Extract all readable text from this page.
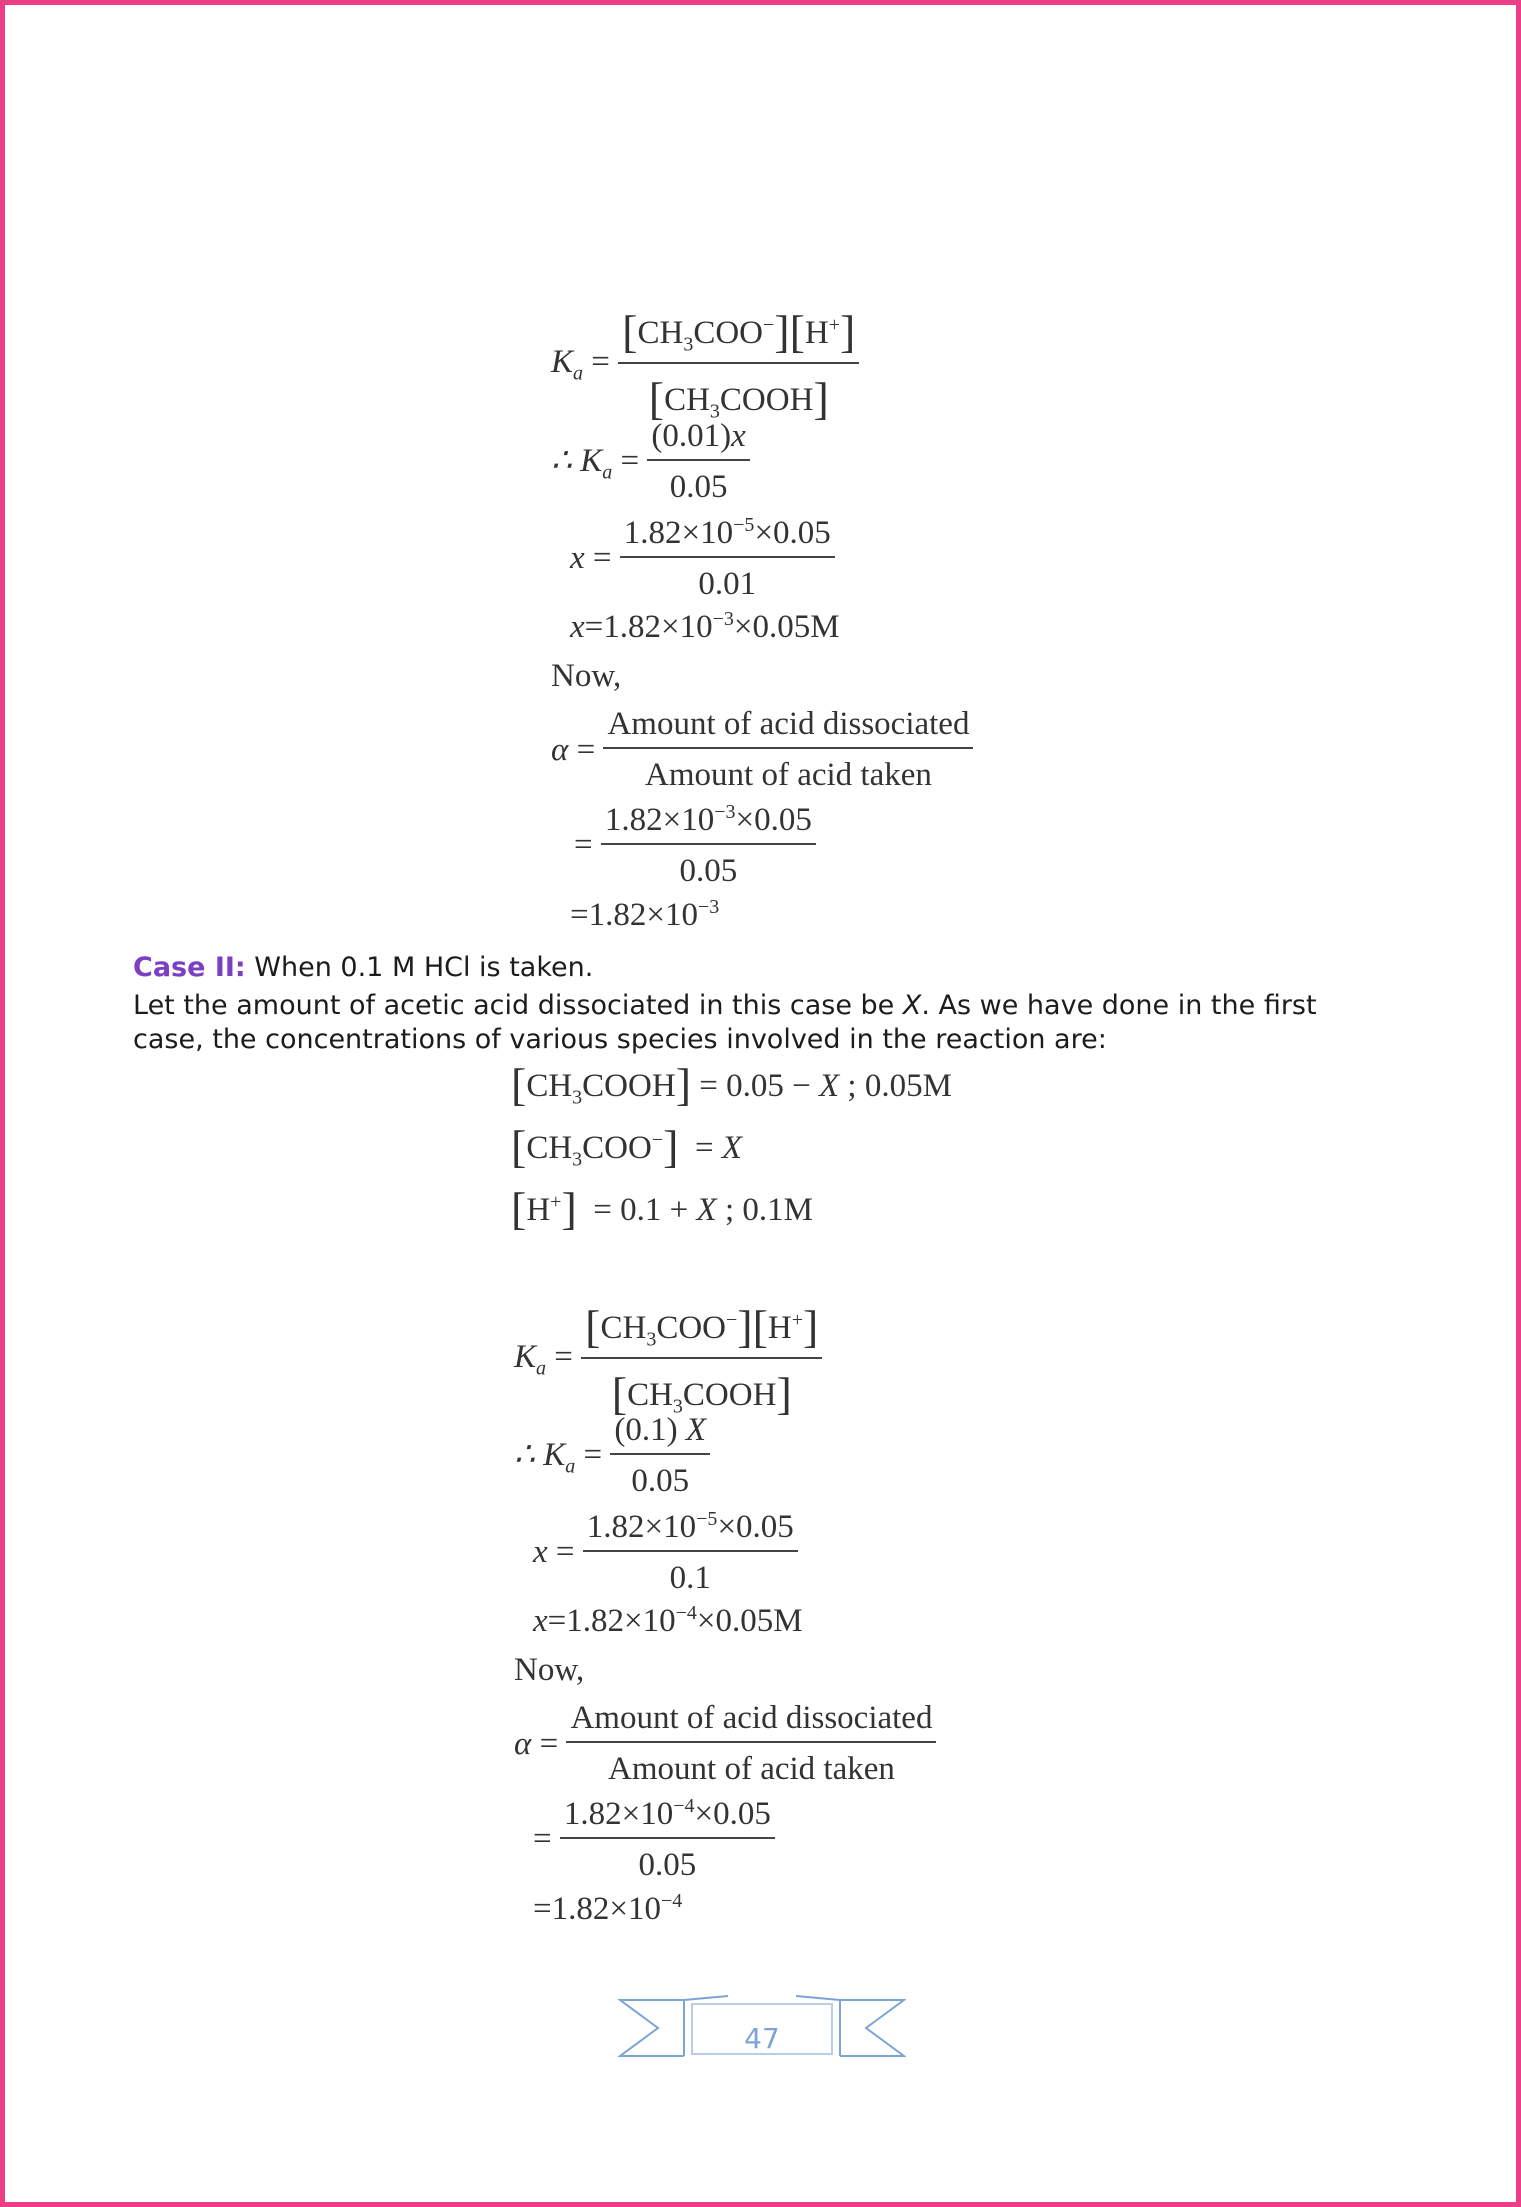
$K_a = \frac{[CH_3COO^-][H^+]}{[CH_3COOH]}$
∴ $K_a = \frac{(0.01)x}{0.05}$
$x = \frac{1.82\times 10^{-5}\times 0.05}{0.01}$
$x=1.82\times 10^{-3}\times 0.05M$
Now,
$\alpha = \frac{\text{Amount of acid dissociated}}{\text{Amount of acid taken}}$
= $\frac{1.82\times 10^{-3}\times 0.05}{0.05}$
$=1.82\times 10^{-3}$
Case II: When 0.1 M HCl is taken.
Let the amount of acetic acid dissociated in this case be X. As we have done in the first
case, the concentrations of various species involved in the reaction are:
$[CH_3COOH] = 0.05 - X$ ; 0.05M
$[CH_3COO^-] = X$
[H+] = 0.1 + X ; 0.1M
$K_a = \frac{[CH_3COO^-][H^+]}{[CH_3COOH]}$
∴ $K_a = \frac{(0.1) X}{0.05}$
$x = \frac{1.82\times 10^{-5}\times 0.05}{0.1}$
$x=1.82\times 10^{-4}\times 0.05M$
Now,
$\alpha = \frac{\text{Amount of acid dissociated}}{\text{Amount of acid taken}}$
= $\frac{1.82\times 10^{-4}\times 0.05}{0.05}$
$=1.82\times 10^{-4}$
47
